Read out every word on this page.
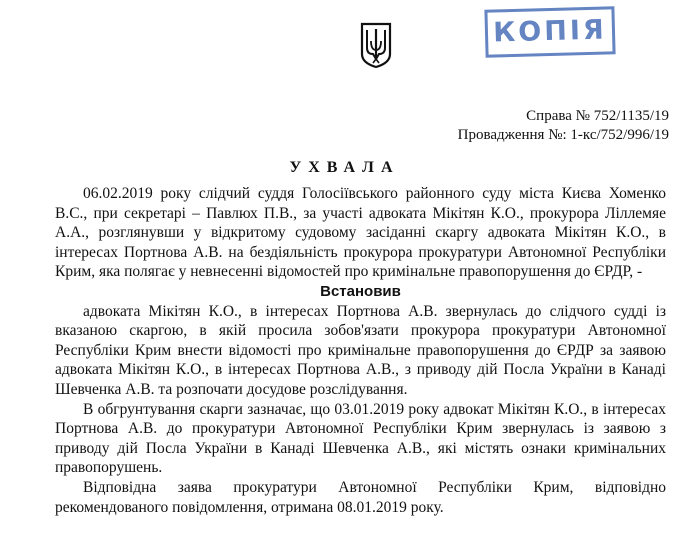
КОПІЯ
Справа № 752/1135/19
Провадження №: 1-кс/752/996/19
УХВАЛА

06.02.2019 року слідчий суддя Голосіївського районного суду міста Києва Хоменко В.С., при секретарі – Павлюх П.В., за участі адвоката Мікітян К.О., прокурора Ліллемяе А.А., розглянувши у відкритому судовому засіданні скаргу адвоката Мікітян К.О., в інтересах Портнова А.В. на бездіяльність прокурора прокуратури Автономної Республіки Крим, яка полягає у невнесенні відомостей про кримінальне правопорушення до ЄРДР, -

Встановив

адвоката Мікітян К.О., в інтересах Портнова А.В. звернулась до слідчого судді із вказаною скаргою, в якій просила зобов'язати прокурора прокуратури Автономної Республіки Крим внести відомості про кримінальне правопорушення до ЄРДР за заявою адвоката Мікітян К.О., в інтересах Портнова А.В., з приводу дій Посла України в Канаді Шевченка А.В. та розпочати досудове розслідування.

В обгрунтування скарги зазначає, що 03.01.2019 року адвокат Мікітян К.О., в інтересах Портнова А.В. до прокуратури Автономної Республіки Крим звернулась із заявою з приводу дій Посла України в Канаді Шевченка А.В., які містять ознаки кримінальних правопорушень.

Відповідна заява прокуратури Автономної Республіки Крим, відповідно рекомендованого повідомлення, отримана 08.01.2019 року.
